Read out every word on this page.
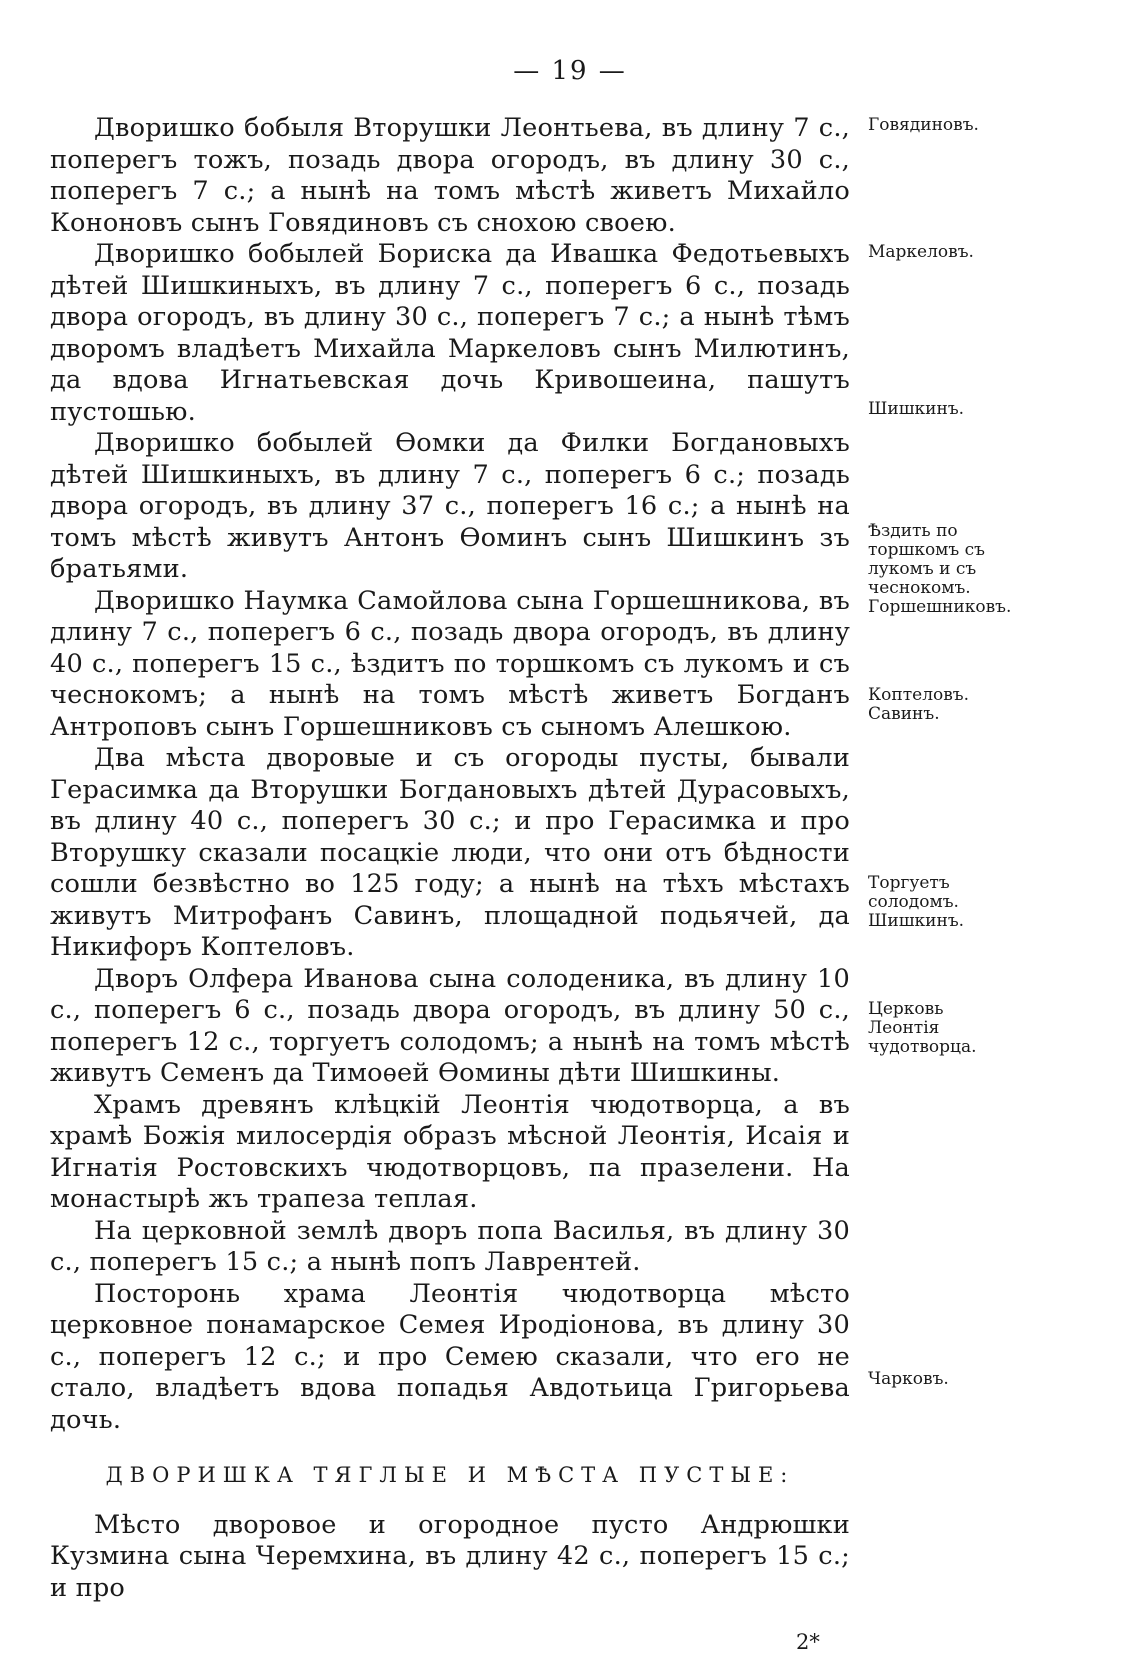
— 19 —

Дворишко бобыля Вторушки Леонтьева, въ длину 7 с., поперегъ тожъ, позадь двора огородъ, въ длину 30 с., поперегъ 7 с.; а нынѣ на томъ мѣстѣ живетъ Михайло Кононовъ сынъ Говядиновъ съ снохою своею.

Дворишко бобылей Бориска да Ивашка Федотьевыхъ дѣтей Шишкиныхъ, въ длину 7 с., поперегъ 6 с., позадь двора огородъ, въ длину 30 с., поперегъ 7 с.; а нынѣ тѣмъ дворомъ владѣетъ Михайла Маркеловъ сынъ Милютинъ, да вдова Игнатьевская дочь Кривошеина, пашутъ пустошью.

Дворишко бобылей Ѳомки да Филки Богдановыхъ дѣтей Шишкиныхъ, въ длину 7 с., поперегъ 6 с.; позадь двора огородъ, въ длину 37 с., поперегъ 16 с.; а нынѣ на томъ мѣстѣ живутъ Антонъ Ѳоминъ сынъ Шишкинъ зъ братьями.

Дворишко Наумка Самойлова сына Горшешникова, въ длину 7 с., поперегъ 6 с., позадь двора огородъ, въ длину 40 с., поперегъ 15 с., ѣздитъ по торшкомъ съ лукомъ и съ чеснокомъ; а нынѣ на томъ мѣстѣ живетъ Богданъ Антроповъ сынъ Горшешниковъ съ сыномъ Алешкою.

Два мѣста дворовые и съ огороды пусты, бывали Герасимка да Вторушки Богдановыхъ дѣтей Дурасовыхъ, въ длину 40 с., поперегъ 30 с.; и про Герасимка и про Вторушку сказали посацкіе люди, что они отъ бѣдности сошли безвѣстно во 125 году; а нынѣ на тѣхъ мѣстахъ живутъ Митрофанъ Савинъ, площадной подьячей, да Никифоръ Коптеловъ.

Дворъ Олфера Иванова сына солоденика, въ длину 10 с., поперегъ 6 с., позадь двора огородъ, въ длину 50 с., поперегъ 12 с., торгуетъ солодомъ; а нынѣ на томъ мѣстѣ живутъ Семенъ да Тимоѳей Ѳомины дѣти Шишкины.

Храмъ древянъ клѣцкій Леонтія чюдотворца, а въ храмѣ Божія милосердія образъ мѣсной Леонтія, Исаія и Игнатія Ростовскихъ чюдотворцовъ, па празелени. На монастырѣ жъ трапеза теплая.

На церковной землѣ дворъ попа Василья, въ длину 30 с., поперегъ 15 с.; а нынѣ попъ Лаврентей.

Посторонь храма Леонтія чюдотворца мѣсто церковное понамарское Семея Иродіонова, въ длину 30 с., поперегъ 12 с.; и про Семею сказали, что его не стало, владѣетъ вдова попадья Авдотьица Григорьева дочь.

ДВОРИШКА ТЯГЛЫЕ И МѢСТА ПУСТЫЕ:

Мѣсто дворовое и огородное пусто Андрюшки Кузмина сына Черемхина, въ длину 42 с., поперегъ 15 с.; и про

Говядиновъ.
Маркеловъ.
Шишкинъ.
Ѣздить по торшкомъ съ лукомъ и съ чеснокомъ. Горшешниковъ.
Коптеловъ. Савинъ.
Торгуетъ солодомъ. Шишкинъ.
Церковь Леонтія чудотворца.
Чарковъ.
2*
